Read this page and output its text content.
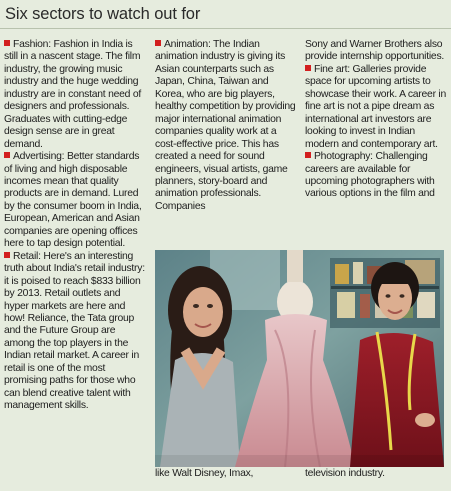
Six sectors to watch out for

Fashion: Fashion in India is still in a nascent stage. The film industry, the growing music industry and the huge wedding industry are in constant need of designers and professionals. Graduates with cutting-edge design sense are in great demand.

Advertising: Better standards of living and high disposable incomes mean that quality products are in demand. Lured by the consumer boom in India, European, American and Asian companies are opening offices here to tap design potential.

Retail: Here's an interesting truth about India's retail industry: it is poised to reach $833 billion by 2013. Retail outlets and hyper markets are here and how! Reliance, the Tata group and the Future Group are among the top players in the Indian retail market. A career in retail is one of the most promising paths for those who can blend creative talent with management skills.

Animation: The Indian animation industry is giving its Asian counterparts such as Japan, China, Taiwan and Korea, who are big players, healthy competition by providing major international animation companies quality work at a cost-effective price. This has created a need for sound engineers, visual artists, game planners, story-board and animation professionals. Companies

Sony and Warner Brothers also provide internship opportunities.

Fine art: Galleries provide space for upcoming artists to showcase their work. A career in fine art is not a pipe dream as international art investors are looking to invest in Indian modern and contemporary art.

Photography: Challenging careers are available for upcoming photographers with various options in the film and

like Walt Disney, Imax,	television industry.
